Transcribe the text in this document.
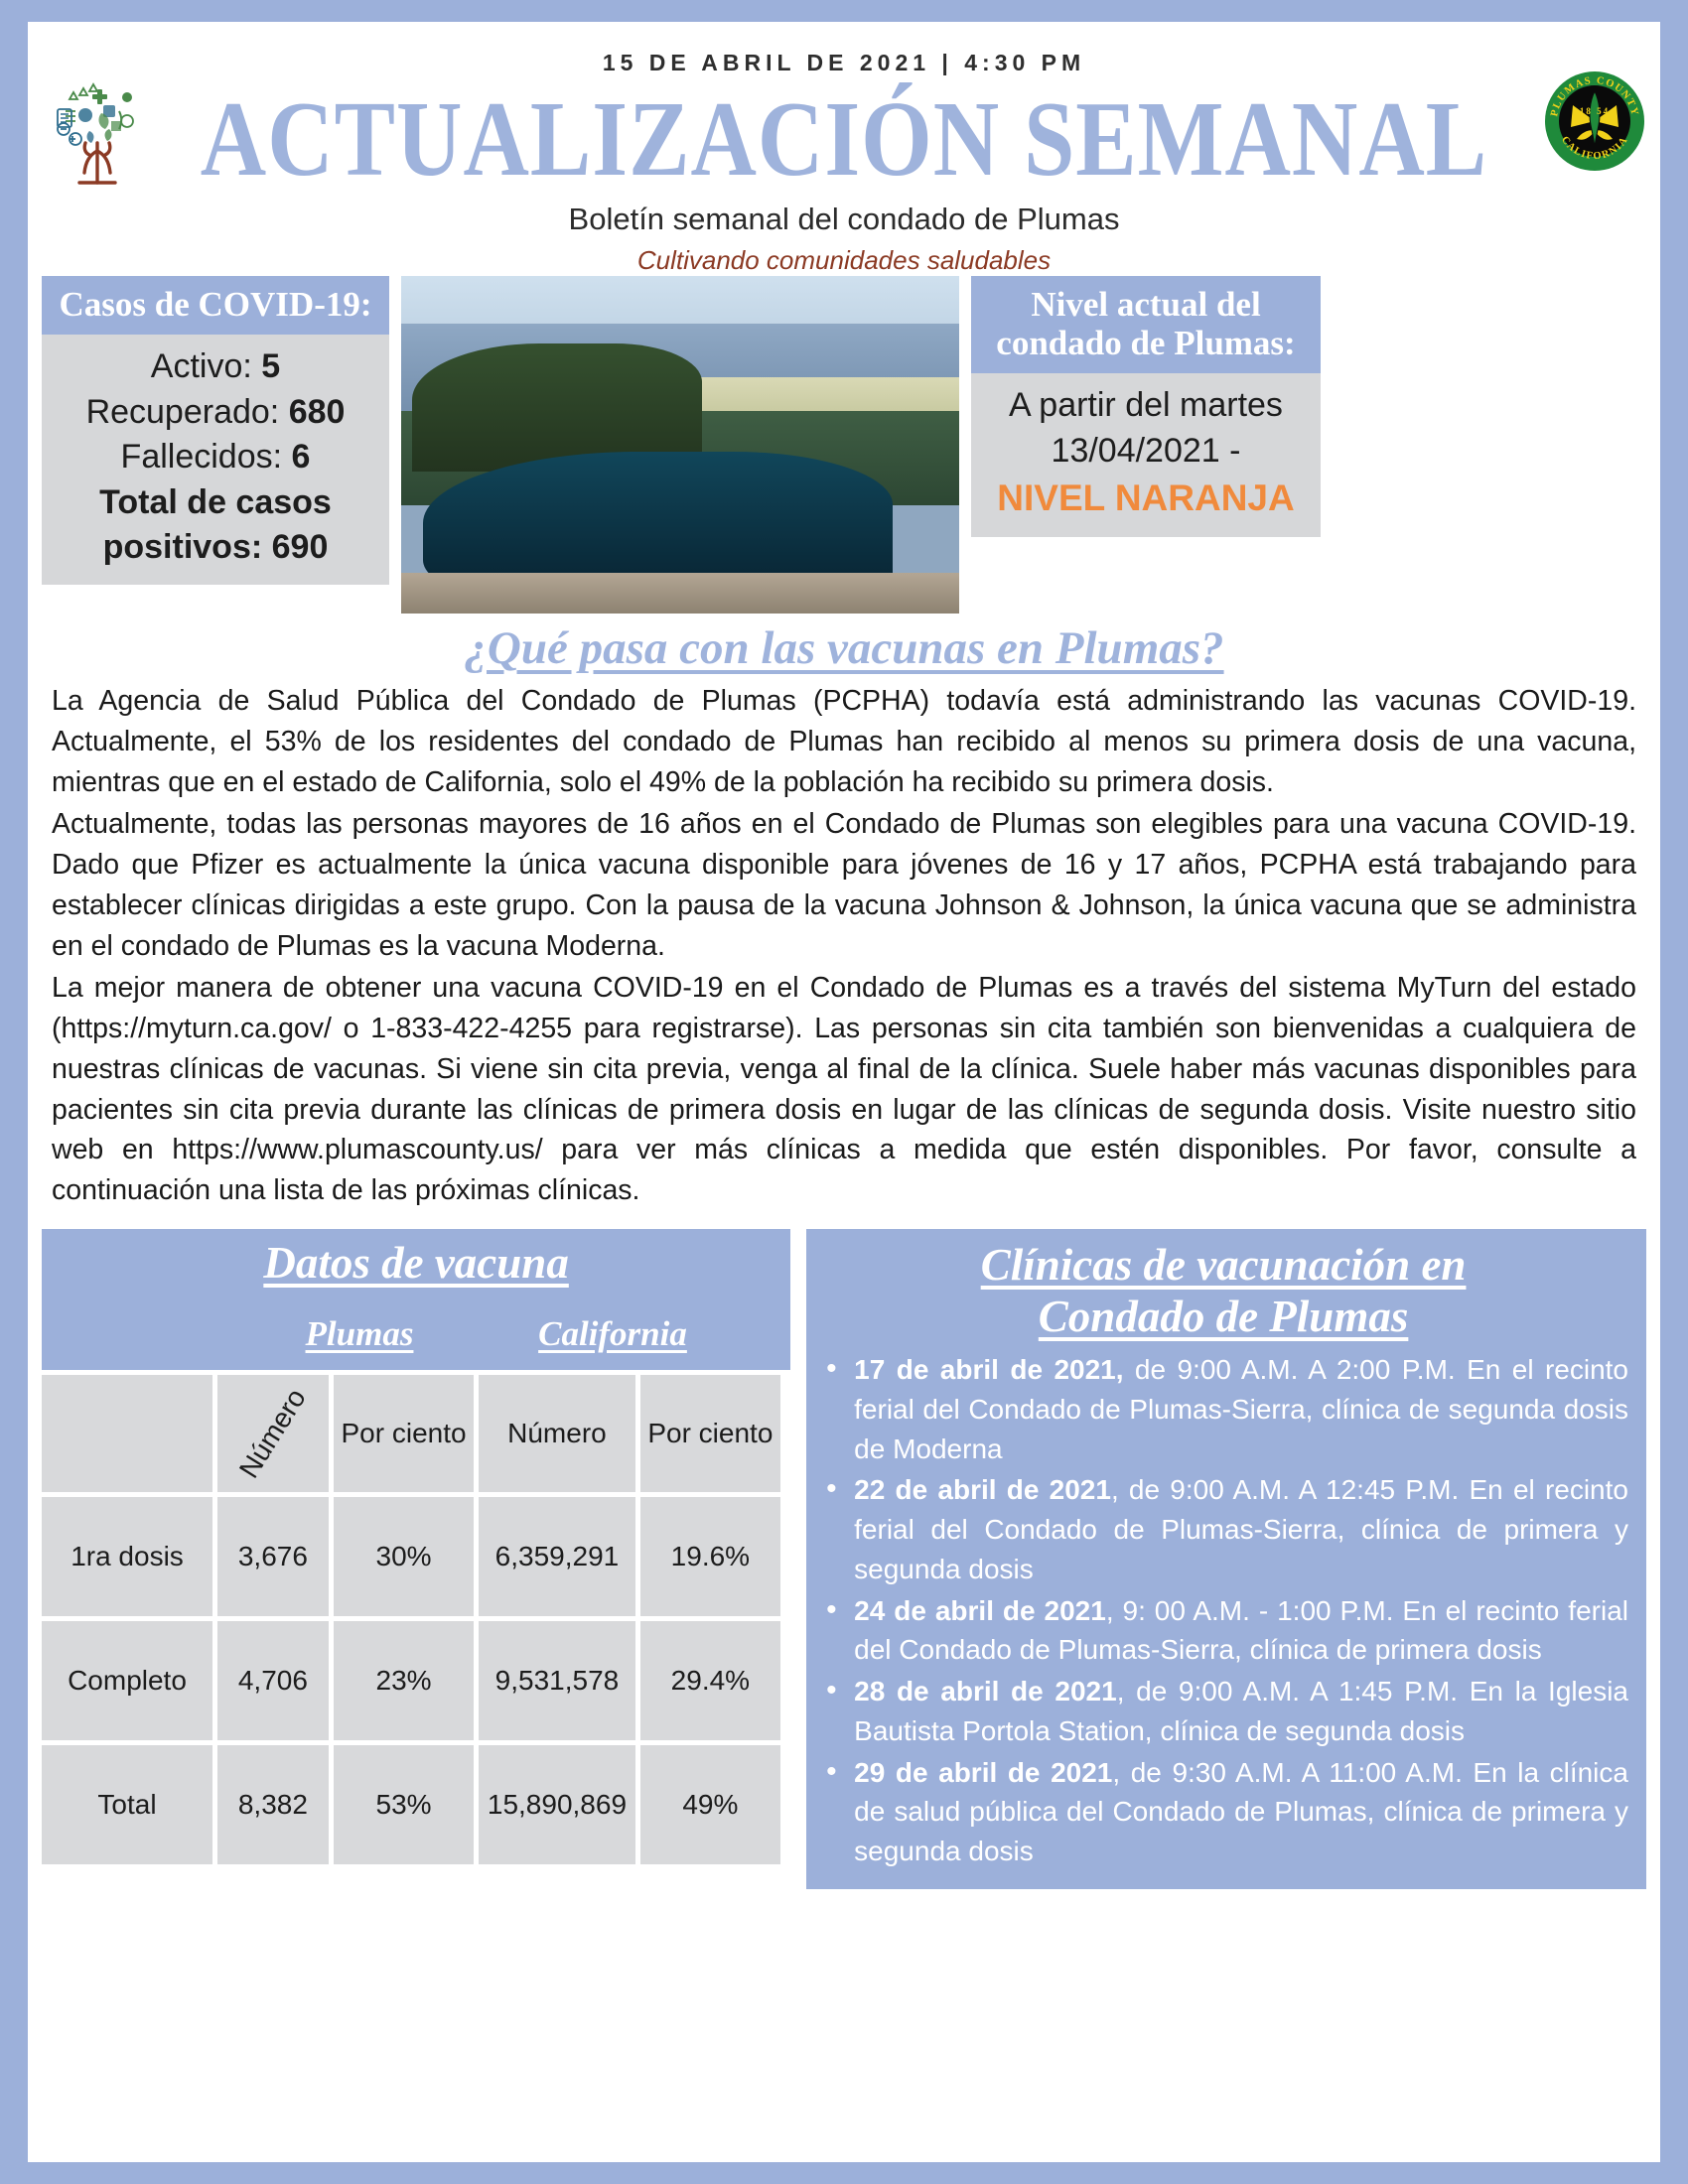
18 54
PLUMAS COUNTY
CALIFORNIA
15 DE ABRIL DE 2021 | 4:30 PM
ACTUALIZACIÓN SEMANAL
Boletín semanal del condado de Plumas
Cultivando comunidades saludables
Casos de COVID-19:
Activo: 5
Recuperado: 680
Fallecidos: 6
Total de casos
positivos: 690
Nivel actual del
condado de Plumas:
A partir del martes
13/04/2021 -
NIVEL NARANJA
¿Qué pasa con las vacunas en Plumas?

La Agencia de Salud Pública del Condado de Plumas (PCPHA) todavía está administrando las vacunas COVID-19. Actualmente, el 53% de los residentes del condado de Plumas han recibido al menos su primera dosis de una vacuna, mientras que en el estado de California, solo el 49% de la población ha recibido su primera dosis.

Actualmente, todas las personas mayores de 16 años en el Condado de Plumas son elegibles para una vacuna COVID-19. Dado que Pfizer es actualmente la única vacuna disponible para jóvenes de 16 y 17 años, PCPHA está trabajando para establecer clínicas dirigidas a este grupo. Con la pausa de la vacuna Johnson & Johnson, la única vacuna que se administra en el condado de Plumas es la vacuna Moderna.

La mejor manera de obtener una vacuna COVID-19 en el Condado de Plumas es a través del sistema MyTurn del estado (https://myturn.ca.gov/ o 1-833-422-4255 para registrarse). Las personas sin cita también son bienvenidas a cualquiera de nuestras clínicas de vacunas. Si viene sin cita previa, venga al final de la clínica. Suele haber más vacunas disponibles para pacientes sin cita previa durante las clínicas de primera dosis en lugar de las clínicas de segunda dosis. Visite nuestro sitio web en https://www.plumascounty.us/ para ver más clínicas a medida que estén disponibles. Por favor, consulte a continuación una lista de las próximas clínicas.

Datos de vacuna
Plumas	California
	Número	Por ciento	Número	Por ciento
1ra dosis	3,676	30%	6,359,291	19.6%
Completo	4,706	23%	9,531,578	29.4%
Total	8,382	53%	15,890,869	49%
Clínicas de vacunación en
Condado de Plumas
• 17 de abril de 2021, de 9:00 A.M. A 2:00 P.M. En el recinto ferial del Condado de Plumas-Sierra, clínica de segunda dosis de Moderna
• 22 de abril de 2021, de 9:00 A.M. A 12:45 P.M. En el recinto ferial del Condado de Plumas-Sierra, clínica de primera y segunda dosis
• 24 de abril de 2021, 9: 00 A.M. - 1:00 P.M. En el recinto ferial del Condado de Plumas-Sierra, clínica de primera dosis
• 28 de abril de 2021, de 9:00 A.M. A 1:45 P.M. En la Iglesia Bautista Portola Station, clínica de segunda dosis
• 29 de abril de 2021, de 9:30 A.M. A 11:00 A.M. En la clínica de salud pública del Condado de Plumas, clínica de primera y segunda dosis
